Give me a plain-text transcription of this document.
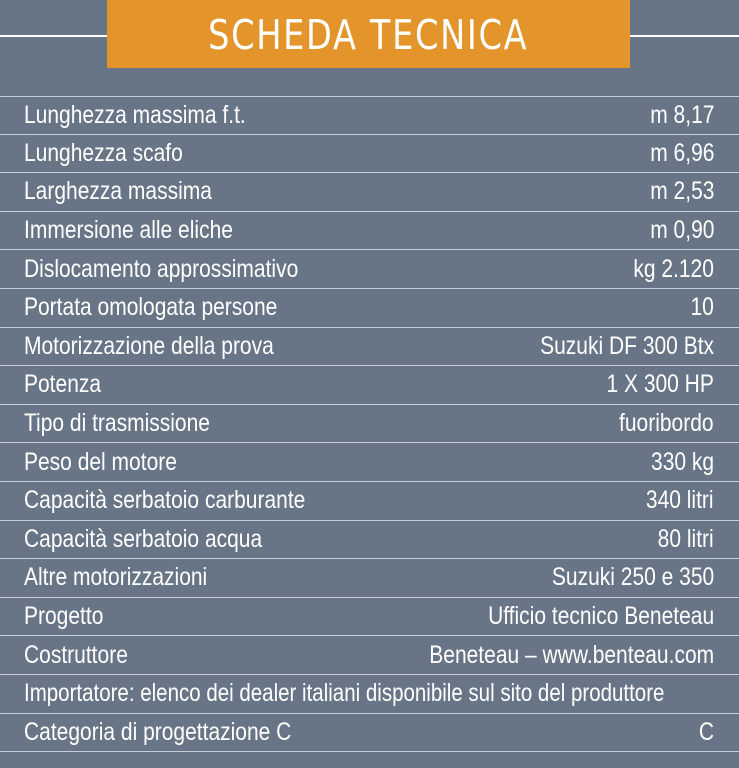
SCHEDA TECNICA
Lunghezza massima f.t.	m 8,17
Lunghezza scafo	m 6,96
Larghezza massima	m 2,53
Immersione alle eliche	m 0,90
Dislocamento approssimativo	kg 2.120
Portata omologata persone	10
Motorizzazione della prova	Suzuki DF 300 Btx
Potenza	1 X 300 HP
Tipo di trasmissione	fuoribordo
Peso del motore	330 kg
Capacità serbatoio carburante	340 litri
Capacità serbatoio acqua	80 litri
Altre motorizzazioni	Suzuki 250 e 350
Progetto	Ufficio tecnico Beneteau
Costruttore	Beneteau – www.benteau.com
Importatore: elenco dei dealer italiani disponibile sul sito del produttore
Categoria di progettazione C	C
